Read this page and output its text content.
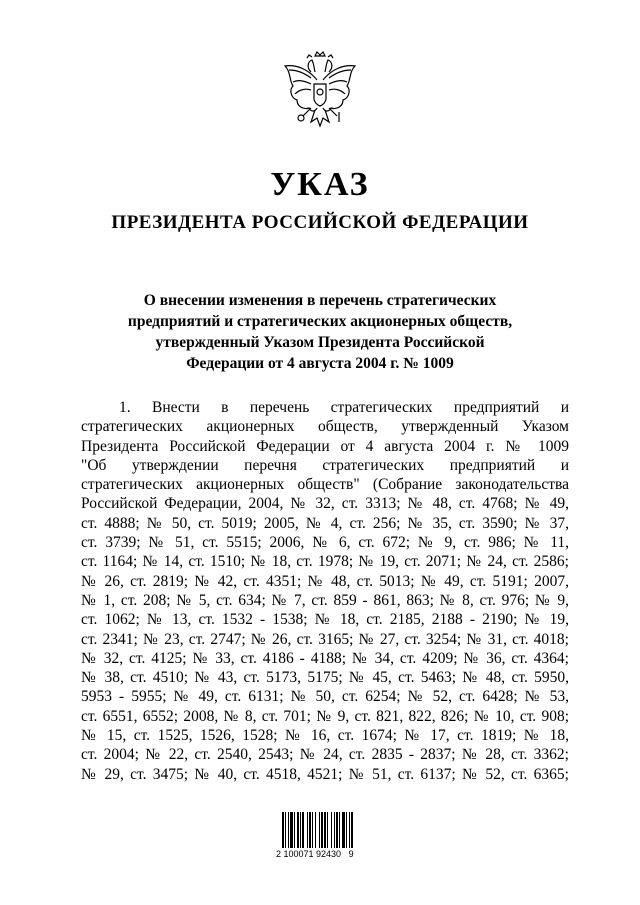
УКАЗ
ПРЕЗИДЕНТА РОССИЙСКОЙ ФЕДЕРАЦИИ
О внесении изменения в перечень стратегических
предприятий и стратегических акционерных обществ,
утвержденный Указом Президента Российской
Федерации от 4 августа 2004 г. № 1009
1. Внести в перечень стратегических предприятий и
стратегических акционерных обществ, утвержденный Указом
Президента Российской Федерации от 4 августа 2004 г. № 1009
"Об утверждении перечня стратегических предприятий и
стратегических акционерных обществ" (Собрание законодательства
Российской Федерации, 2004, № 32, ст. 3313; № 48, ст. 4768; № 49,
ст. 4888; № 50, ст. 5019; 2005, № 4, ст. 256; № 35, ст. 3590; № 37,
ст. 3739; № 51, ст. 5515; 2006, № 6, ст. 672; № 9, ст. 986; № 11,
ст. 1164; № 14, ст. 1510; № 18, ст. 1978; № 19, ст. 2071; № 24, ст. 2586;
№ 26, ст. 2819; № 42, ст. 4351; № 48, ст. 5013; № 49, ст. 5191; 2007,
№ 1, ст. 208; № 5, ст. 634; № 7, ст. 859 - 861, 863; № 8, ст. 976; № 9,
ст. 1062; № 13, ст. 1532 - 1538; № 18, ст. 2185, 2188 - 2190; № 19,
ст. 2341; № 23, ст. 2747; № 26, ст. 3165; № 27, ст. 3254; № 31, ст. 4018;
№ 32, ст. 4125; № 33, ст. 4186 - 4188; № 34, ст. 4209; № 36, ст. 4364;
№ 38, ст. 4510; № 43, ст. 5173, 5175; № 45, ст. 5463; № 48, ст. 5950,
5953 - 5955; № 49, ст. 6131; № 50, ст. 6254; № 52, ст. 6428; № 53,
ст. 6551, 6552; 2008, № 8, ст. 701; № 9, ст. 821, 822, 826; № 10, ст. 908;
№ 15, ст. 1525, 1526, 1528; № 16, ст. 1674; № 17, ст. 1819; № 18,
ст. 2004; № 22, ст. 2540, 2543; № 24, ст. 2835 - 2837; № 28, ст. 3362;
№ 29, ст. 3475; № 40, ст. 4518, 4521; № 51, ст. 6137; № 52, ст. 6365;
2 100071 92430   9
